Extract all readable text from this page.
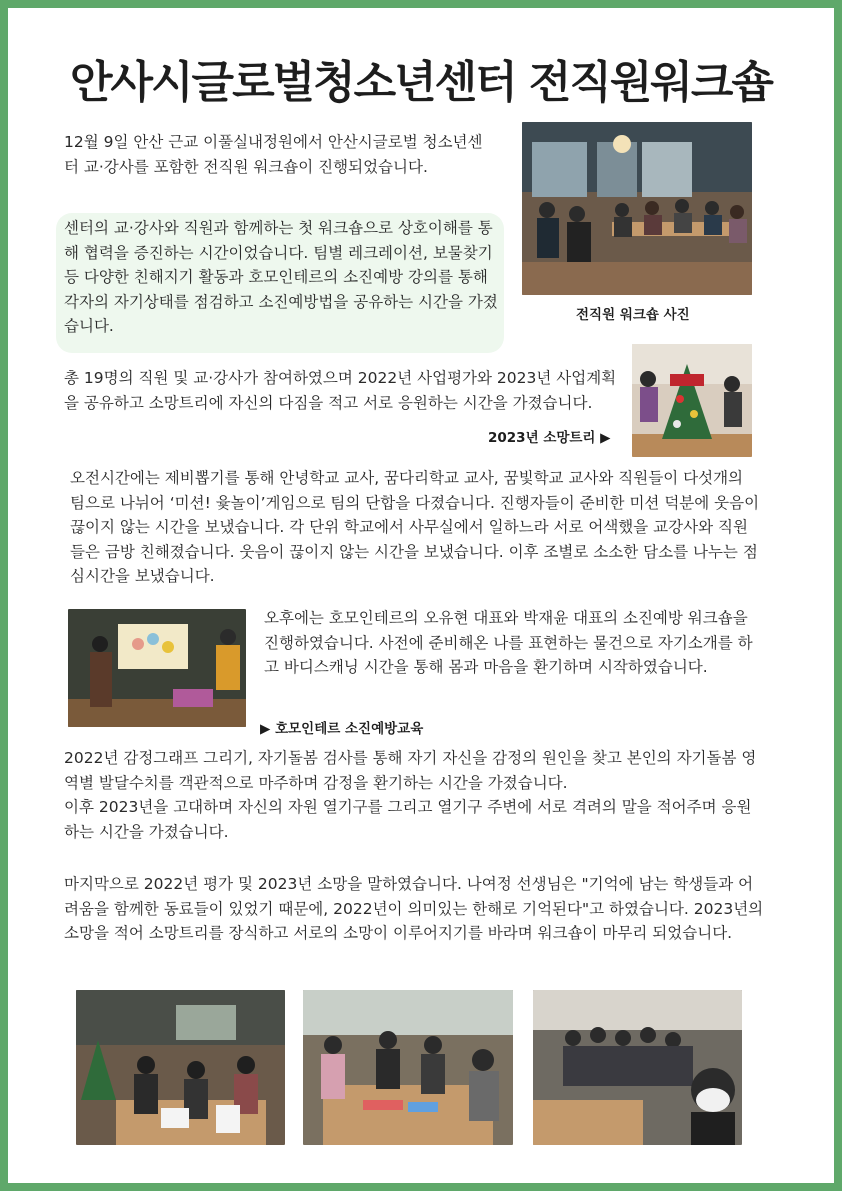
안사시글로벌청소년센터 전직원워크숍

12월 9일 안산 근교 이풀실내정원에서 안산시글로벌 청소년센터 교·강사를 포함한 전직원 워크숍이 진행되었습니다.

센터의 교·강사와 직원과 함께하는 첫 워크숍으로 상호이해를 통해 협력을 증진하는 시간이었습니다. 팀별 레크레이션, 보물찾기 등 다양한 친해지기 활동과 호모인테르의 소진예방 강의를 통해 각자의 자기상태를 점검하고 소진예방법을 공유하는 시간을 가졌습니다.

전직원 워크숍 사진

총 19명의 직원 및 교·강사가 참여하였으며 2022년 사업평가와 2023년 사업계획을 공유하고 소망트리에 자신의 다짐을 적고 서로 응원하는 시간을 가졌습니다.

2023년 소망트리 ▶

오전시간에는 제비뽑기를 통해 안녕학교 교사, 꿈다리학교 교사, 꿈빛학교 교사와 직원들이 다섯개의 팀으로 나뉘어 ‘미션! 윷놀이’게임으로 팀의 단합을 다졌습니다. 진행자들이 준비한 미션 덕분에 웃음이 끊이지 않는 시간을 보냈습니다. 각 단위 학교에서 사무실에서 일하느라 서로 어색했을 교강사와 직원들은 금방 친해졌습니다. 웃음이 끊이지 않는 시간을 보냈습니다. 이후 조별로 소소한 담소를 나누는 점심시간을 보냈습니다.

오후에는 호모인테르의 오유현 대표와 박재윤 대표의 소진예방 워크숍을 진행하였습니다. 사전에 준비해온 나를 표현하는 물건으로 자기소개를 하고 바디스캐닝 시간을 통해 몸과 마음을 환기하며 시작하였습니다.

▶ 호모인테르 소진예방교육

2022년 감정그래프 그리기, 자기돌봄 검사를 통해 자기 자신을 감정의 원인을 찾고 본인의 자기돌봄 영역별 발달수치를 객관적으로 마주하며 감정을 환기하는 시간을 가졌습니다.

이후 2023년을 고대하며 자신의 자원 열기구를 그리고 열기구 주변에 서로 격려의 말을 적어주며 응원하는 시간을 가졌습니다.

마지막으로 2022년 평가 및 2023년 소망을 말하였습니다. 나여정 선생님은 "기억에 남는 학생들과 어려움을 함께한 동료들이 있었기 때문에, 2022년이 의미있는 한해로 기억된다"고 하였습니다. 2023년의 소망을 적어 소망트리를 장식하고 서로의 소망이 이루어지기를 바라며 워크숍이 마무리 되었습니다.
